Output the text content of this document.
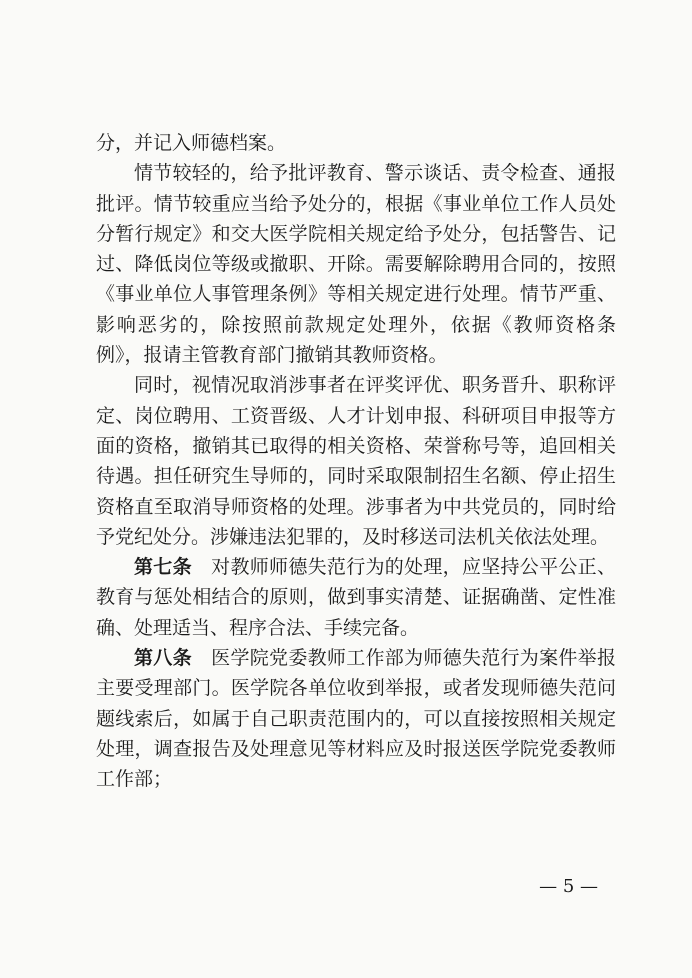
分，并记入师德档案。

情节较轻的，给予批评教育、警示谈话、责令检查、通报批评。情节较重应当给予处分的，根据《事业单位工作人员处分暂行规定》和交大医学院相关规定给予处分，包括警告、记过、降低岗位等级或撤职、开除。需要解除聘用合同的，按照《事业单位人事管理条例》等相关规定进行处理。情节严重、影响恶劣的，除按照前款规定处理外，依据《教师资格条例》，报请主管教育部门撤销其教师资格。

同时，视情况取消涉事者在评奖评优、职务晋升、职称评定、岗位聘用、工资晋级、人才计划申报、科研项目申报等方面的资格，撤销其已取得的相关资格、荣誉称号等，追回相关待遇。担任研究生导师的，同时采取限制招生名额、停止招生资格直至取消导师资格的处理。涉事者为中共党员的，同时给予党纪处分。涉嫌违法犯罪的，及时移送司法机关依法处理。

第七条　 对教师师德失范行为的处理，应坚持公平公正、教育与惩处相结合的原则，做到事实清楚、证据确凿、定性准确、处理适当、程序合法、手续完备。

第八条　 医学院党委教师工作部为师德失范行为案件举报主要受理部门。医学院各单位收到举报，或者发现师德失范问题线索后，如属于自己职责范围内的，可以直接按照相关规定处理，调查报告及处理意见等材料应及时报送医学院党委教师工作部；

— 5 —
